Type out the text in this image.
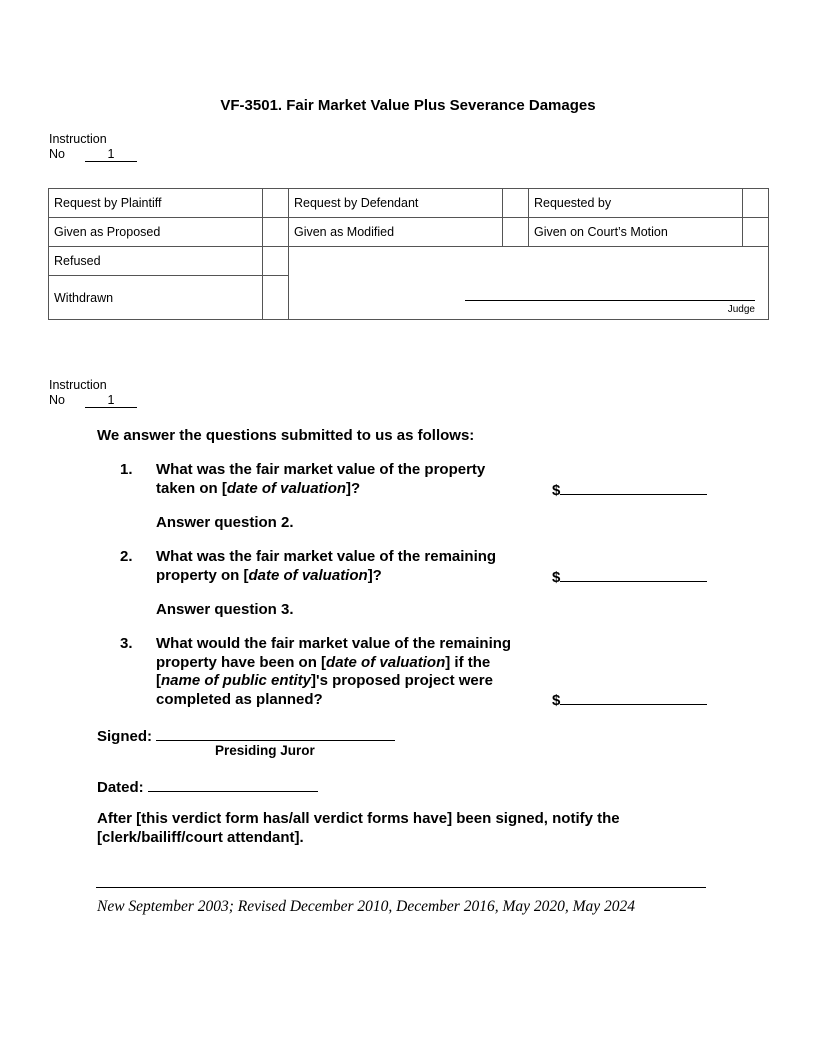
VF-3501. Fair Market Value Plus Severance Damages
Instruction
No	1
Request by Plaintiff		Request by Defendant		Requested by	
Given as Proposed		Given as Modified		Given on Court’s Motion	
Refused		Judge			

Withdrawn					
Instruction
No	1
We answer the questions submitted to us as follows:
1. What was the fair market value of the property
taken on [date of valuation]?	$
Answer question 2.
2. What was the fair market value of the remaining
property on [date of valuation]?	$
Answer question 3.
3. What would the fair market value of the remaining
property have been on [date of valuation] if the
[name of public entity]'s proposed project were
completed as planned?	$
Signed:
Presiding Juror
Dated:
After [this verdict form has/all verdict forms have] been signed, notify the
[clerk/bailiff/court attendant].
New September 2003; Revised December 2010, December 2016, May 2020, May 2024
